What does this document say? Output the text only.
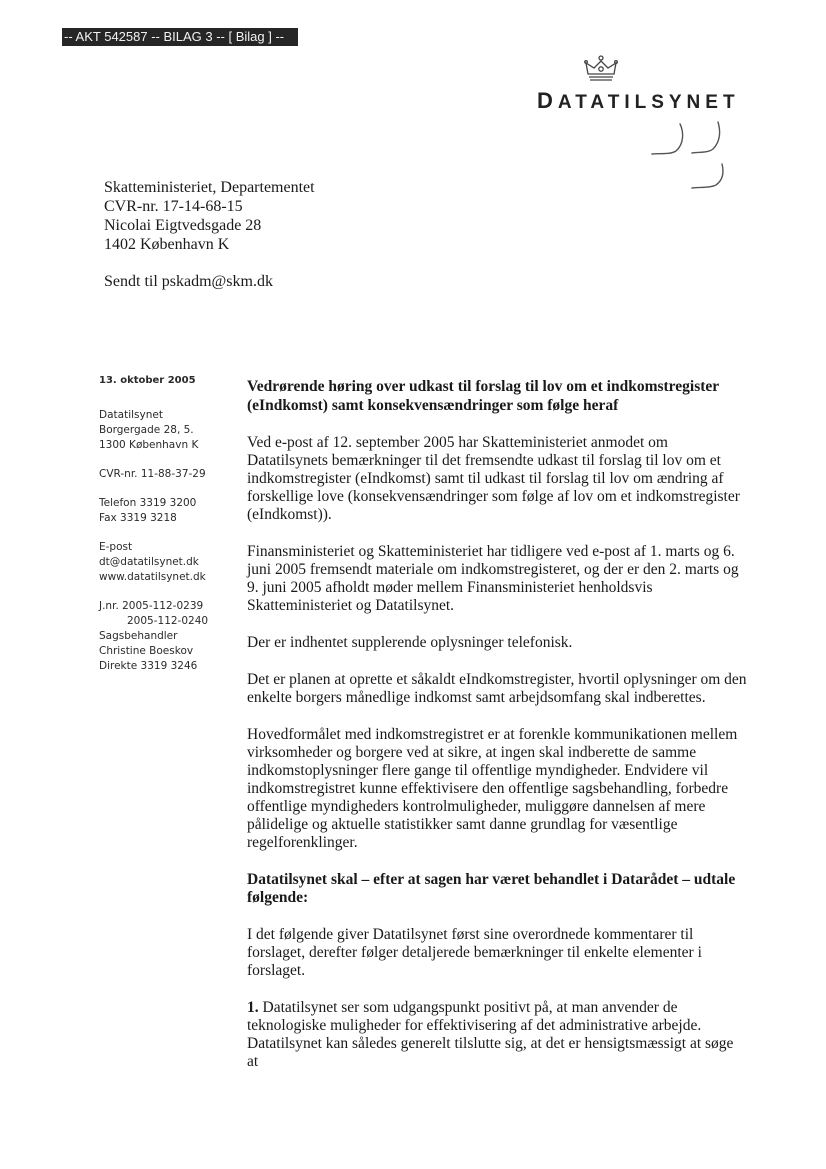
-- AKT 542587 -- BILAG 3 -- [ Bilag ] --
DATATILSYNET
Skatteministeriet, Departementet
CVR-nr. 17-14-68-15
Nicolai Eigtvedsgade 28
1402 København K
Sendt til pskadm@skm.dk
13. oktober 2005
Datatilsynet
Borgergade 28, 5.
1300 København K
CVR-nr. 11-88-37-29
Telefon 3319 3200
Fax 3319 3218
E-post
dt@datatilsynet.dk
www.datatilsynet.dk
J.nr. 2005-112-0239
2005-112-0240
Sagsbehandler
Christine Boeskov
Direkte 3319 3246
Vedrørende høring over udkast til forslag til lov om et indkomstregister (eIndkomst) samt konsekvensændringer som følge heraf

Ved e-post af 12. september 2005 har Skatteministeriet anmodet om Datatilsynets bemærkninger til det fremsendte udkast til forslag til lov om et indkomstregister (eIndkomst) samt til udkast til forslag til lov om ændring af forskellige love (konsekvensændringer som følge af lov om et indkomstregister (eIndkomst)).

Finansministeriet og Skatteministeriet har tidligere ved e-post af 1. marts og 6. juni 2005 fremsendt materiale om indkomstregisteret, og der er den 2. marts og 9. juni 2005 afholdt møder mellem Finansministeriet henholdsvis Skatteministeriet og Datatilsynet.

Der er indhentet supplerende oplysninger telefonisk.

Det er planen at oprette et såkaldt eIndkomstregister, hvortil oplysninger om den enkelte borgers månedlige indkomst samt arbejdsomfang skal indberettes.

Hovedformålet med indkomstregistret er at forenkle kommunikationen mellem virksomheder og borgere ved at sikre, at ingen skal indberette de samme indkomstoplysninger flere gange til offentlige myndigheder. Endvidere vil indkomstregistret kunne effektivisere den offentlige sagsbehandling, forbedre offentlige myndigheders kontrolmuligheder, muliggøre dannelsen af mere pålidelige og aktuelle statistikker samt danne grundlag for væsentlige regelforenklinger.

Datatilsynet skal – efter at sagen har været behandlet i Datarådet – udtale følgende:

I det følgende giver Datatilsynet først sine overordnede kommentarer til forslaget, derefter følger detaljerede bemærkninger til enkelte elementer i forslaget.

1. Datatilsynet ser som udgangspunkt positivt på, at man anvender de teknologiske muligheder for effektivisering af det administrative arbejde. Datatilsynet kan således generelt tilslutte sig, at det er hensigtsmæssigt at søge at
